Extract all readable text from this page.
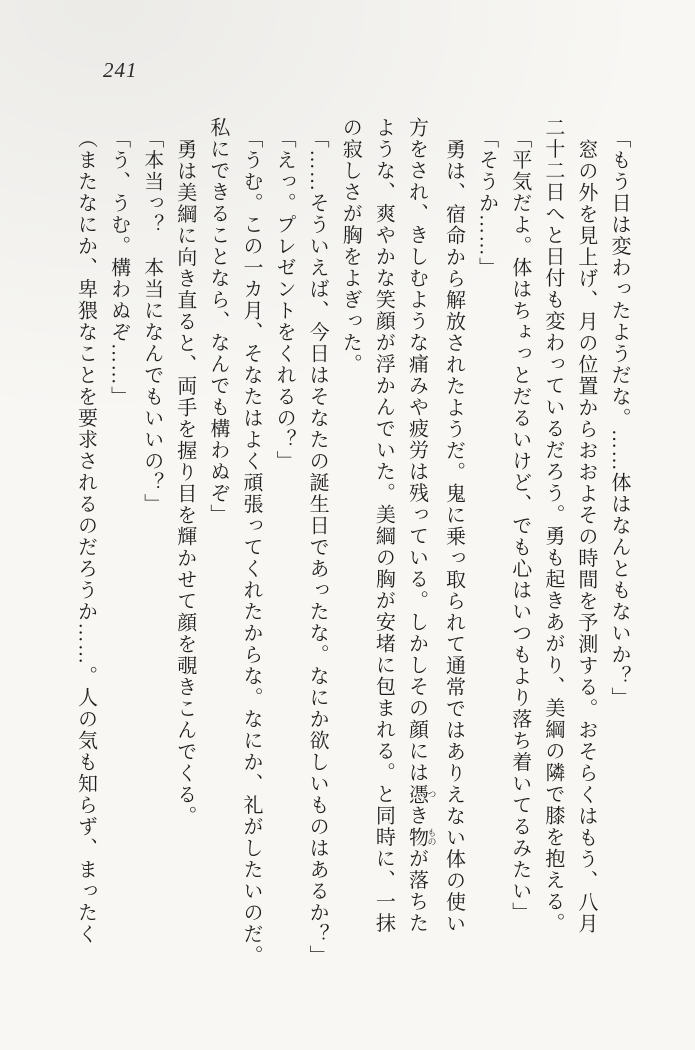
241
「もう日は変わったようだな。……体はなんともないか？」
窓の外を見上げ、月の位置からおおよその時間を予測する。おそらくはもう、八月
二十二日へと日付も変わっているだろう。勇も起きあがり、美綱の隣で膝を抱える。
「平気だよ。体はちょっとだるいけど、でも心はいつもより落ち着いてるみたい」
「そうか……」
勇は、宿命から解放されたようだ。鬼に乗っ取られて通常ではありえない体の使い
方をされ、きしむような痛みや疲労は残っている。しかしその顔には憑 つき物 ものが落ちた
ような、爽やかな笑顔が浮かんでいた。美綱の胸が安堵に包まれる。と同時に、一抹
の寂しさが胸をよぎった。
「……そういえば、今日はそなたの誕生日であったな。なにか欲しいものはあるか？」
「えっ。プレゼントをくれるの？」
「うむ。この一カ月、そなたはよく頑張ってくれたからな。なにか、礼がしたいのだ。
私にできることなら、なんでも構わぬぞ」
勇は美綱に向き直ると、両手を握り目を輝かせて顔を覗きこんでくる。
「本当っ？　本当になんでもいいの？」
「う、うむ。構わぬぞ……」
（またなにか、卑猥なことを要求されるのだろうか……。人の気も知らず、まったく
